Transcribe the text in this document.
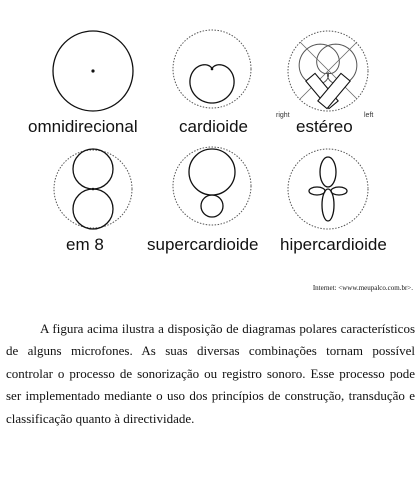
omnidirecional cardioide	estéreo
right	left
em 8	supercardioide hipercardioide
Internet: <www.meupalco.com.br>.

A figura acima ilustra a disposição de diagramas polares característicos de alguns microfones. As suas diversas combinações tornam possível controlar o processo de sonorização ou registro sonoro. Esse processo pode ser implementado mediante o uso dos princípios de construção, transdução e classificação quanto à directividade.
